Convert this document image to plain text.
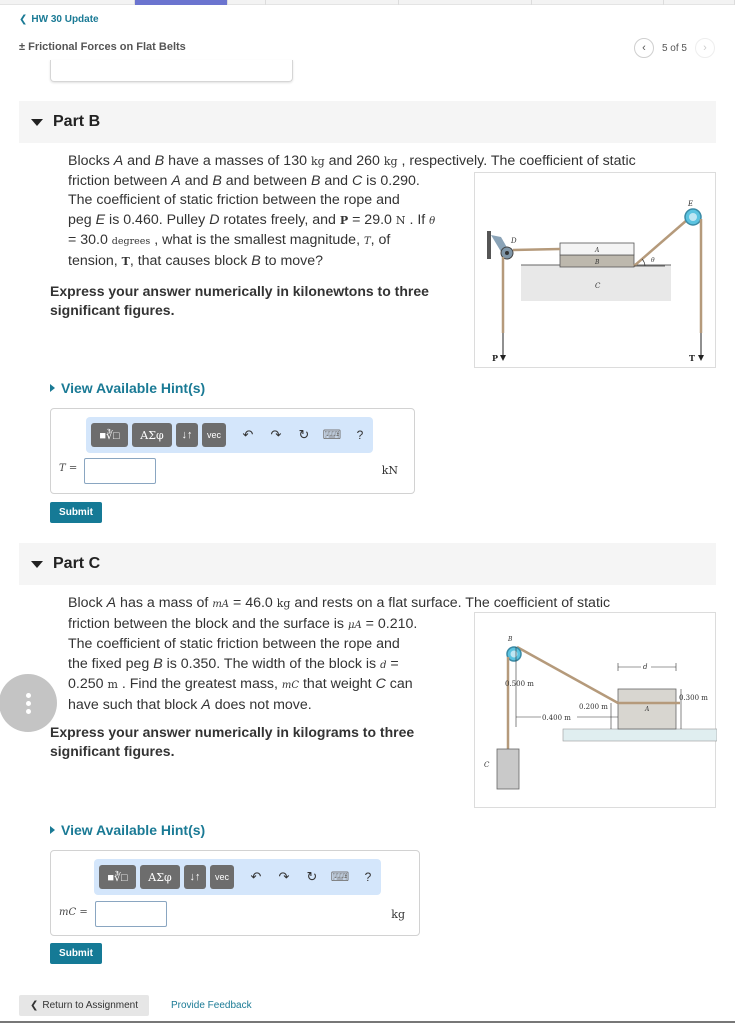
❮ HW 30 Update
± Frictional Forces on Flat Belts	‹ 5 of 5 ›
Part B
Blocks A and B have a masses of 130 kg and 260 kg , respectively. The coefficient of static
friction between A and B and between B and C is 0.290.
The coefficient of static friction between the rope and
peg E is 0.460. Pulley D rotates freely, and P = 29.0 N . If θ
= 30.0 degrees , what is the smallest magnitude, T, of
tension, T, that causes block B to move?
C
B
A
D
P
θ
E
T
Express your answer numerically in kilonewtons to three significant figures.
View Available Hint(s)
■∛□	ΑΣφ	↓↑	vec	↶	↷	↻	⌨	?
T =	kN
Submit
Part C
Block A has a mass of mA = 46.0 kg and rests on a flat surface. The coefficient of static
friction between the block and the surface is μA = 0.210.
The coefficient of static friction between the rope and
the fixed peg B is 0.350. The width of the block is d =
0.250 m . Find the greatest mass, mC that weight C can
have such that block A does not move.	A
B
C
0.500 m
0.400 m
0.200 m
0.300 m
d
Express your answer numerically in kilograms to three significant figures.
View Available Hint(s)
■∛□	ΑΣφ	↓↑	vec	↶	↷	↻	⌨	?
mC =	kg
Submit
❮ Return to Assignment	Provide Feedback
